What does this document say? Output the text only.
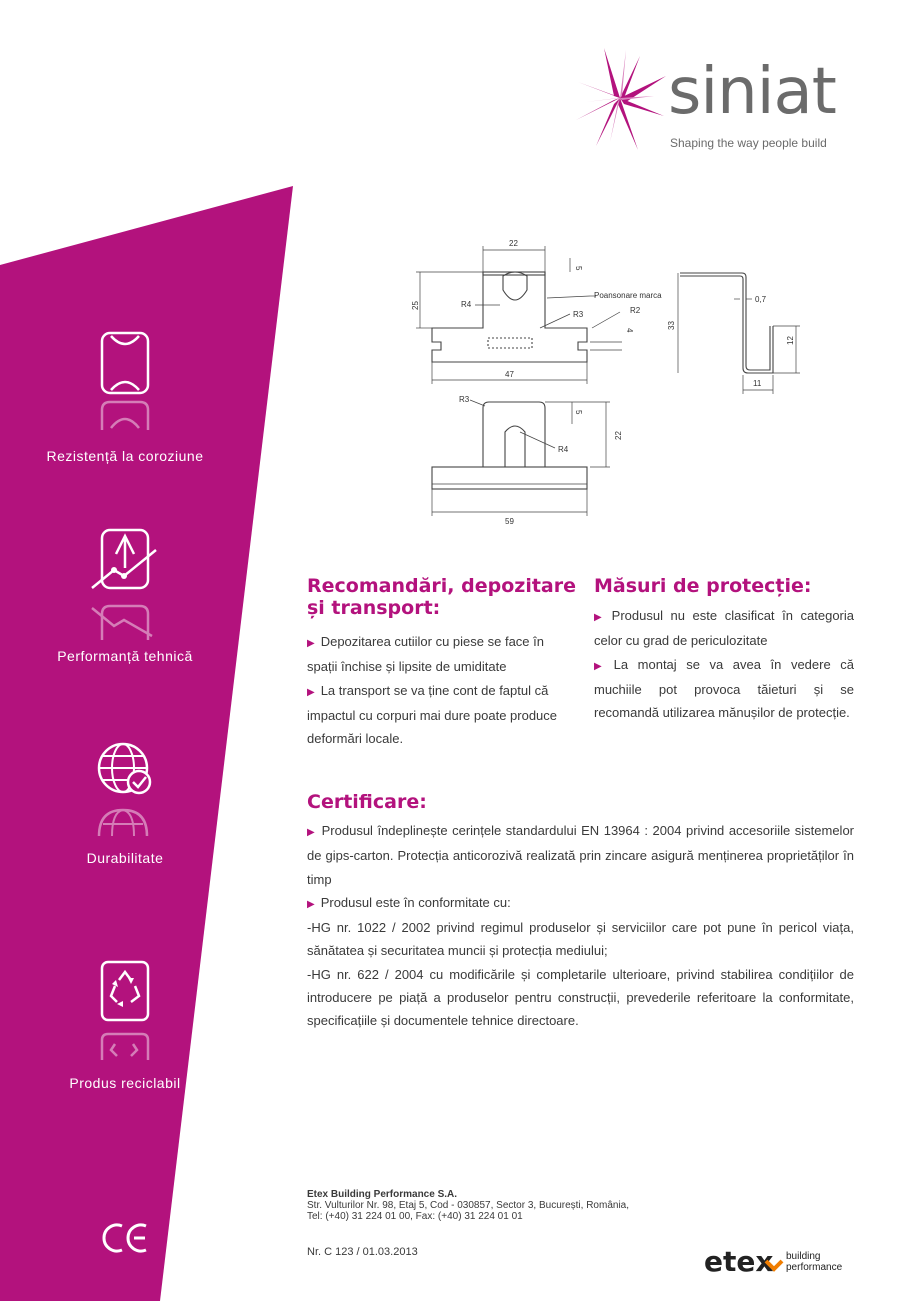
siniat
Shaping the way people build
Rezistență la coroziune
Performanță tehnică
Durabilitate
Produs reciclabil
22
5
25	R4
Poansonare marca
R3	R2
4
47
R3
5
22
R4
59
0,7
33
12
11
Recomandări, depozitare și transport:
▶ Depozitarea cutiilor cu piese se face în spații închise și lipsite de umiditate
▶ La transport se va ține cont de faptul că impactul cu corpuri mai dure poate produce deformări locale.
Măsuri de protecție:
▶ Produsul nu este clasificat în categoria celor cu grad de periculozitate
▶ La montaj se va avea în vedere că muchiile pot provoca tăieturi și se recomandă utilizarea mănușilor de protecție.
Certificare:
▶ Produsul îndeplinește cerințele standardului EN 13964 : 2004 privind accesoriile sistemelor de gips-carton. Protecția anticorozivă realizată prin zincare asigură menținerea proprietăților în timp
▶ Produsul este în conformitate cu:
-HG nr. 1022 / 2002 privind regimul produselor și serviciilor care pot pune în pericol viața, sănătatea și securitatea muncii și protecția mediului;
-HG nr. 622 / 2004 cu modificările și completarile ulterioare, privind stabilirea condițiilor de introducere pe piață a produselor pentru construcții, prevederile referitoare la conformitate, specificațiile și documentele tehnice directoare.
Etex Building Performance S.A.
Str. Vulturilor Nr. 98, Etaj 5, Cod - 030857, Sector 3, București, România,
Tel: (+40) 31 224 01 00, Fax: (+40) 31 224 01 01
Nr. C 123 / 01.03.2013	etex building
performance
